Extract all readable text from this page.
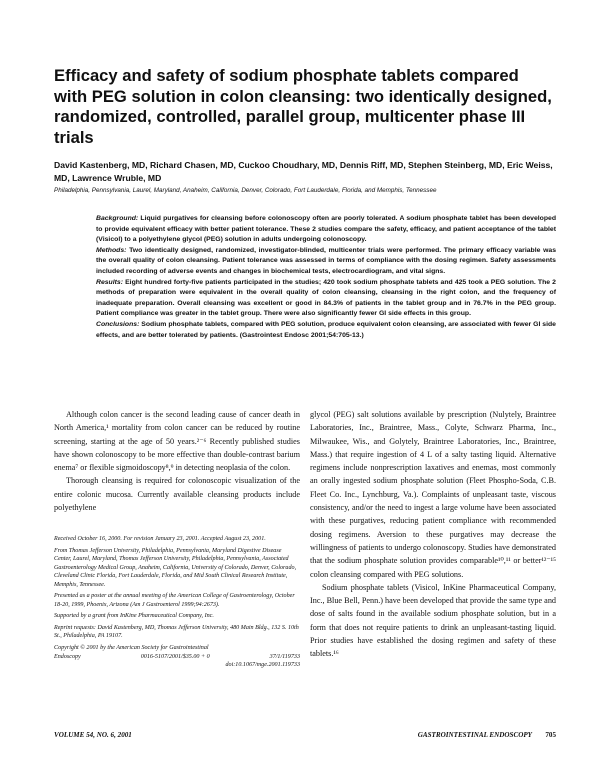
Efficacy and safety of sodium phosphate tablets compared with PEG solution in colon cleansing: two identically designed, randomized, controlled, parallel group, multicenter phase III trials
David Kastenberg, MD, Richard Chasen, MD, Cuckoo Choudhary, MD, Dennis Riff, MD, Stephen Steinberg, MD, Eric Weiss, MD, Lawrence Wruble, MD
Philadelphia, Pennsylvania, Laurel, Maryland, Anaheim, California, Denver, Colorado, Fort Lauderdale, Florida, and Memphis, Tennessee

Background: Liquid purgatives for cleansing before colonoscopy often are poorly tolerated. A sodium phosphate tablet has been developed to provide equivalent efficacy with better patient tolerance. These 2 studies compare the safety, efficacy, and patient acceptance of the tablet (Visicol) to a polyethylene glycol (PEG) solution in adults undergoing colonoscopy.

Methods: Two identically designed, randomized, investigator-blinded, multicenter trials were performed. The primary efficacy variable was the overall quality of colon cleansing. Patient tolerance was assessed in terms of compliance with the dosing regimen. Safety assessments included recording of adverse events and changes in biochemical tests, electrocardiogram, and vital signs.

Results: Eight hundred forty-five patients participated in the studies; 420 took sodium phosphate tablets and 425 took a PEG solution. The 2 methods of preparation were equivalent in the overall quality of colon cleansing, cleansing in the right colon, and the frequency of inadequate preparation. Overall cleansing was excellent or good in 84.3% of patients in the tablet group and in 76.7% in the PEG group. Patient compliance was greater in the tablet group. There were also significantly fewer GI side effects in this group.

Conclusions: Sodium phosphate tablets, compared with PEG solution, produce equivalent colon cleansing, are associated with fewer GI side effects, and are better tolerated by patients. (Gastrointest Endosc 2001;54:705-13.)

Although colon cancer is the second leading cause of cancer death in North America,¹ mortality from colon cancer can be reduced by routine screening, starting at the age of 50 years.²⁻⁶ Recently published studies have shown colonoscopy to be more effective than double-contrast barium enema⁷ or flexible sigmoidoscopy⁸,⁹ in detecting neoplasia of the colon.

Thorough cleansing is required for colonoscopic visualization of the entire colonic mucosa. Currently available cleansing products include polyethylene

Received October 16, 2000. For revision January 23, 2001. Accepted August 23, 2001.

From Thomas Jefferson University, Philadelphia, Pennsylvania, Maryland Digestive Disease Center, Laurel, Maryland, Thomas Jefferson University, Philadelphia, Pennsylvania, Associated Gastroenterology Medical Group, Anaheim, California, University of Colorado, Denver, Colorado, Cleveland Clinic Florida, Fort Lauderdale, Florida, and Mid South Clinical Research Institute, Memphis, Tennessee.

Presented as a poster at the annual meeting of the American College of Gastroenterology, October 18-20, 1999, Phoenix, Arizona (Am J Gastroenterol 1999;94:2673).

Supported by a grant from InKine Pharmaceutical Company, Inc.

Reprint requests: David Kastenberg, MD, Thomas Jefferson University, 480 Main Bldg., 132 S. 10th St., Philadelphia, PA 19107.

Copyright © 2001 by the American Society for Gastrointestinal
Endoscopy	0016-5107/2001/$35.00 + 0	37/1/119733
doi:10.1067/mge.2001.119733

glycol (PEG) salt solutions available by prescription (Nulytely, Braintree Laboratories, Inc., Braintree, Mass., Colyte, Schwarz Pharma, Inc., Milwaukee, Wis., and Golytely, Braintree Laboratories, Inc., Braintree, Mass.) that require ingestion of 4 L of a salty tasting liquid. Alternative regimens include nonprescription laxatives and enemas, most commonly an orally ingested sodium phosphate solution (Fleet Phospho-Soda, C.B. Fleet Co. Inc., Lynchburg, Va.). Complaints of unpleasant taste, viscous consistency, and/or the need to ingest a large volume have been associated with these purgatives, reducing patient compliance with recommended dosing regimens. Aversion to these purgatives may decrease the willingness of patients to undergo colonoscopy. Studies have demonstrated that the sodium phosphate solution provides comparable¹⁰,¹¹ or better¹²⁻¹⁵ colon cleansing compared with PEG solutions.

Sodium phosphate tablets (Visicol, InKine Pharmaceutical Company, Inc., Blue Bell, Penn.) have been developed that provide the same type and dose of salts found in the available sodium phosphate solution, but in a form that does not require patients to drink an unpleasant-tasting liquid. Prior studies have established the dosing regimen and safety of these tablets.¹⁶

VOLUME 54, NO. 6, 2001	GASTROINTESTINAL ENDOSCOPY 705
